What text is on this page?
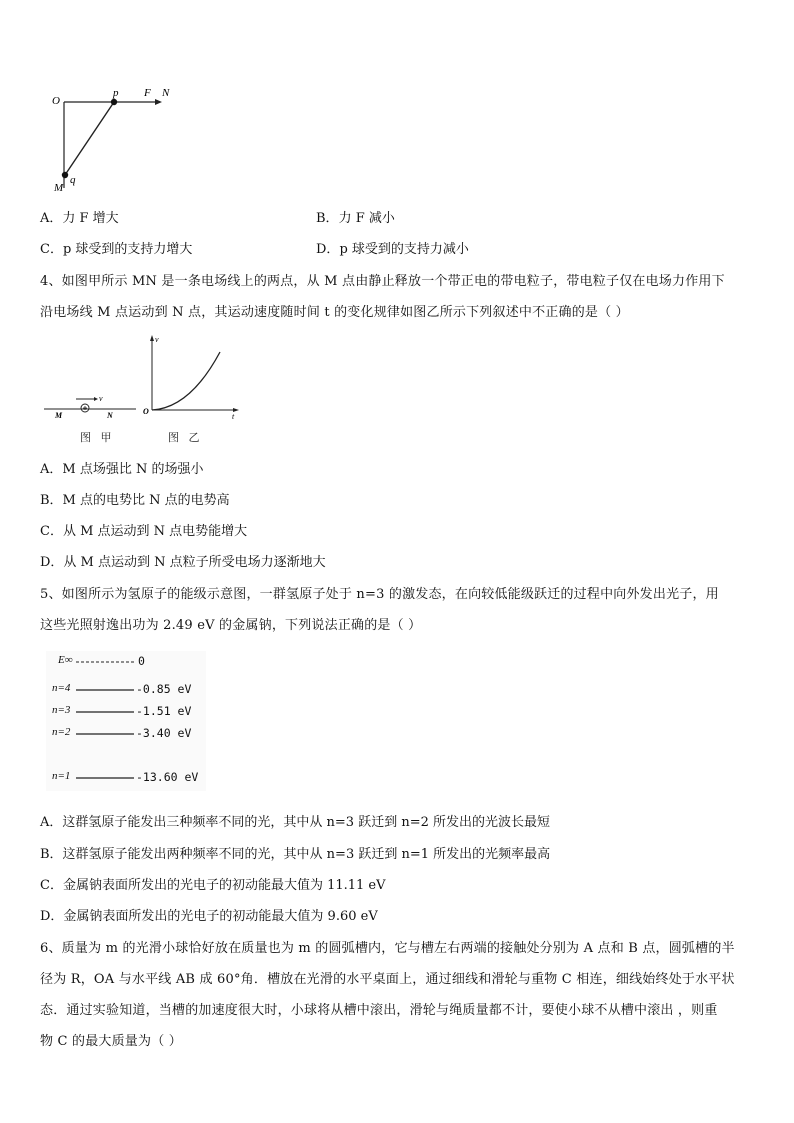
O
p F N
M
q
A．力 F 增大	B．力 F 减小
C．p 球受到的支持力增大	D．p 球受到的支持力减小
4、如图甲所示 MN 是一条电场线上的两点，从 M 点由静止释放一个带正电的带电粒子，带电粒子仅在电场力作用下
沿电场线 M 点运动到 N 点，其运动速度随时间 t 的变化规律如图乙所示下列叙述中不正确的是（ ）
v
M	N
图 甲
v
t
O
图 乙
A．M 点场强比 N 的场强小
B．M 点的电势比 N 点的电势高
C．从 M 点运动到 N 点电势能增大
D．从 M 点运动到 N 点粒子所受电场力逐渐地大
5、如图所示为氢原子的能级示意图，一群氢原子处于 n=3 的激发态，在向较低能级跃迁的过程中向外发出光子，用
这些光照射逸出功为 2.49 eV 的金属钠，下列说法正确的是（ ）
E∞	0
n=4	-0.85 eV
n=3	-1.51 eV
n=2	-3.40 eV
n=1	-13.60 eV
A．这群氢原子能发出三种频率不同的光，其中从 n=3 跃迁到 n=2 所发出的光波长最短
B．这群氢原子能发出两种频率不同的光，其中从 n=3 跃迁到 n=1 所发出的光频率最高
C．金属钠表面所发出的光电子的初动能最大值为 11.11 eV
D．金属钠表面所发出的光电子的初动能最大值为 9.60 eV
6、质量为 m 的光滑小球恰好放在质量也为 m 的圆弧槽内，它与槽左右两端的接触处分别为 A 点和 B 点，圆弧槽的半
径为 R，OA 与水平线 AB 成 60°角．槽放在光滑的水平桌面上，通过细线和滑轮与重物 C 相连，细线始终处于水平状
态．通过实验知道，当槽的加速度很大时，小球将从槽中滚出，滑轮与绳质量都不计，要使小球不从槽中滚出 ，则重
物 C 的最大质量为（ ）
